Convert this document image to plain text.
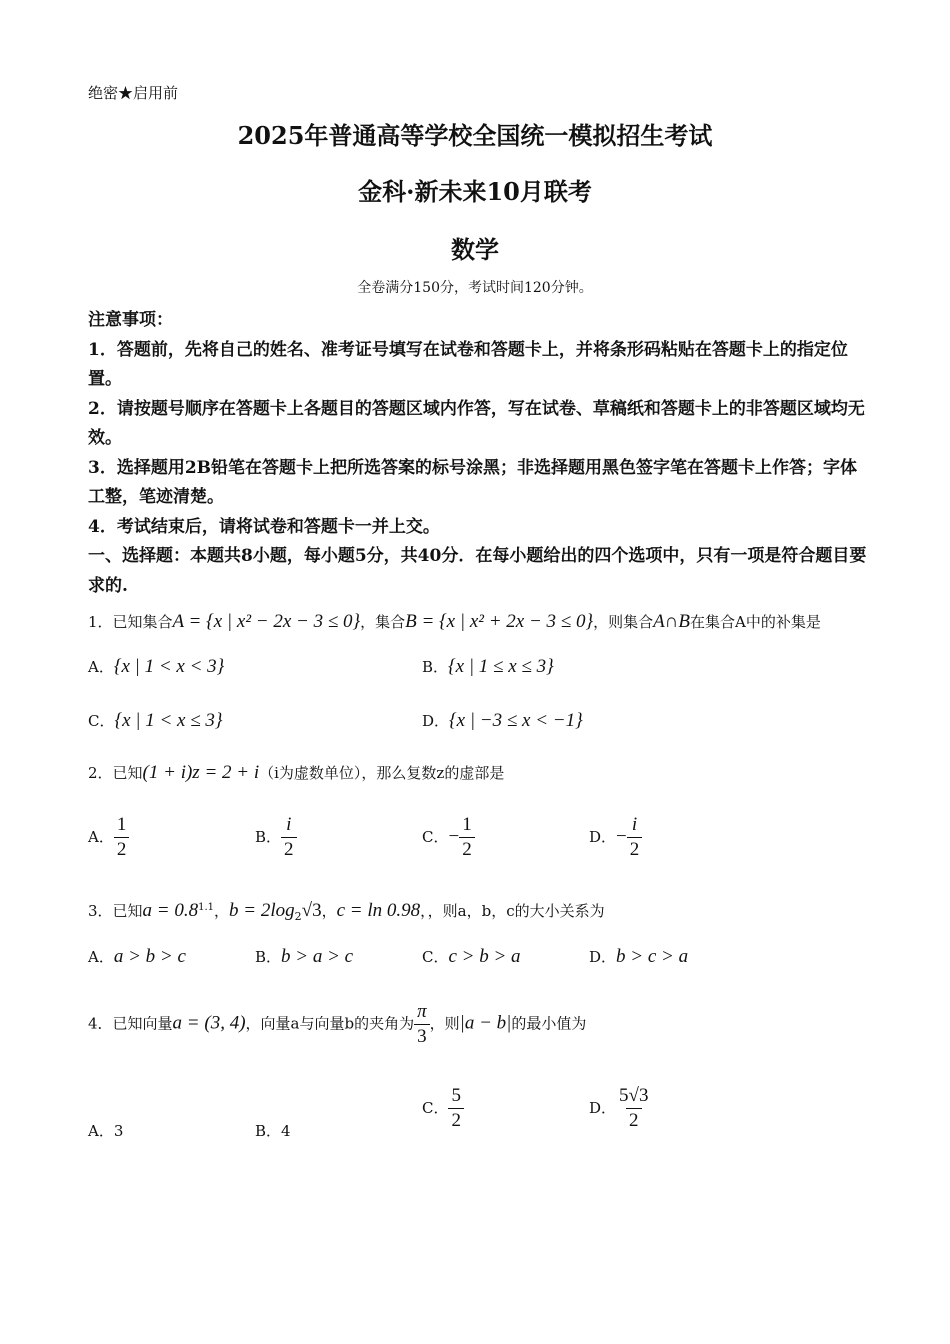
绝密★启用前
2025年普通高等学校全国统一模拟招生考试
金科·新未来10月联考
数学
全卷满分150分，考试时间120分钟。

注意事项：

1．答题前，先将自己的姓名、准考证号填写在试卷和答题卡上，并将条形码粘贴在答题卡上的指定位置。

2．请按题号顺序在答题卡上各题目的答题区域内作答，写在试卷、草稿纸和答题卡上的非答题区域均无效。

3．选择题用2B铅笔在答题卡上把所选答案的标号涂黑；非选择题用黑色签字笔在答题卡上作答；字体工整，笔迹清楚。

4．考试结束后，请将试卷和答题卡一并上交。

一、选择题：本题共8小题，每小题5分，共40分．在每小题给出的四个选项中，只有一项是符合题目要求的.

1．已知集合A = {x | x² − 2x − 3 ≤ 0}，集合B = {x | x² + 2x − 3 ≤ 0}，则集合A∩B在集合A中的补集是
A．{x | 1 < x < 3}	B．{x | 1 ≤ x ≤ 3}
C．{x | 1 < x ≤ 3}	D．{x | −3 ≤ x < −1}
2．已知(1 + i)z = 2 + i（i为虚数单位），那么复数z的虚部是
A． $\frac{1}{2}$	B． $\frac{i}{2}$	C．− $\frac{1}{2}$	D．− $\frac{i}{2}$
3．已知$a = 0.8^{1.1}$，$b = 2\log_2√3$，c = ln 0.98，，则a，b，c的大小关系为
A．a > b > c	B．b > a > c	C．c > b > a	D．b > c > a
4．已知向量a = (3, 4)，向量a与向量b的夹角为 $\frac{\pi}{3}$ ，则|a − b|的最小值为
A．3	B．4
C． $\frac{5}{2}$	D． $\frac{5√3}{2}$
